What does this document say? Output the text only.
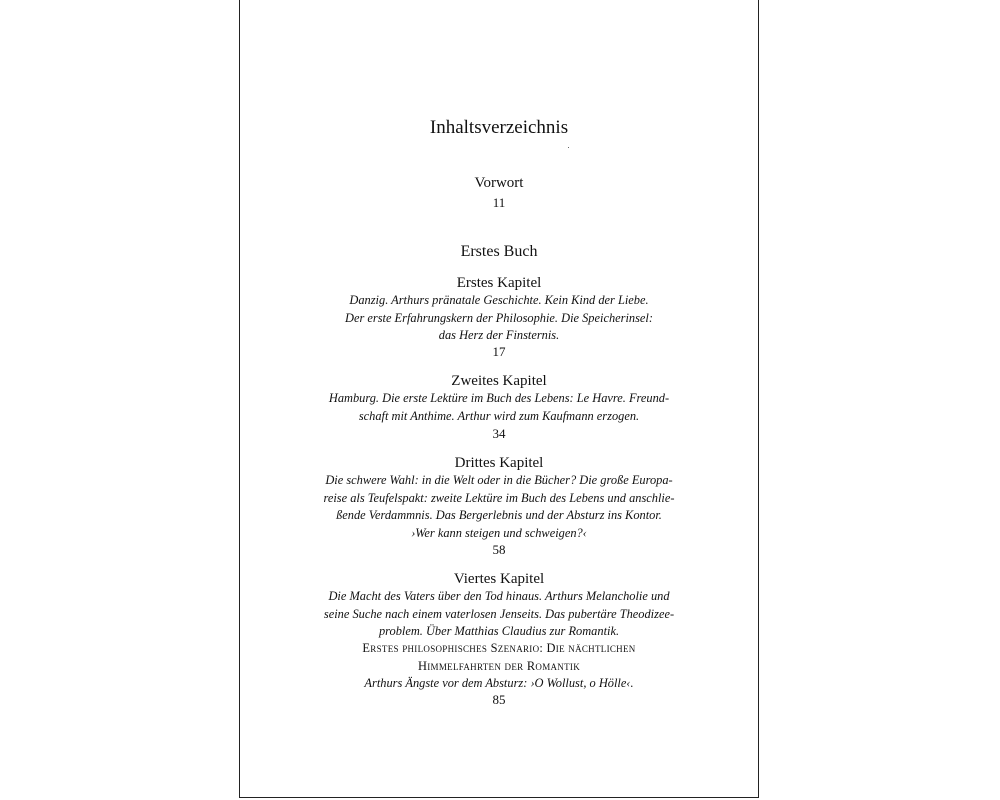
Inhaltsverzeichnis
Vorwort
11
Erstes Buch
Erstes Kapitel
Danzig. Arthurs pränatale Geschichte. Kein Kind der Liebe.
Der erste Erfahrungskern der Philosophie. Die Speicherinsel:
das Herz der Finsternis.
17
Zweites Kapitel
Hamburg. Die erste Lektüre im Buch des Lebens: Le Havre. Freund-
schaft mit Anthime. Arthur wird zum Kaufmann erzogen.
34
Drittes Kapitel
Die schwere Wahl: in die Welt oder in die Bücher? Die große Europa-
reise als Teufelspakt: zweite Lektüre im Buch des Lebens und anschlie-
ßende Verdammnis. Das Bergerlebnis und der Absturz ins Kontor.
›Wer kann steigen und schweigen?‹
58
Viertes Kapitel
Die Macht des Vaters über den Tod hinaus. Arthurs Melancholie und
seine Suche nach einem vaterlosen Jenseits. Das pubertäre Theodizee-
problem. Über Matthias Claudius zur Romantik.
Erstes philosophisches Szenario: Die nächtlichen
Himmelfahrten der Romantik
Arthurs Ängste vor dem Absturz: ›O Wollust, o Hölle‹.
85
